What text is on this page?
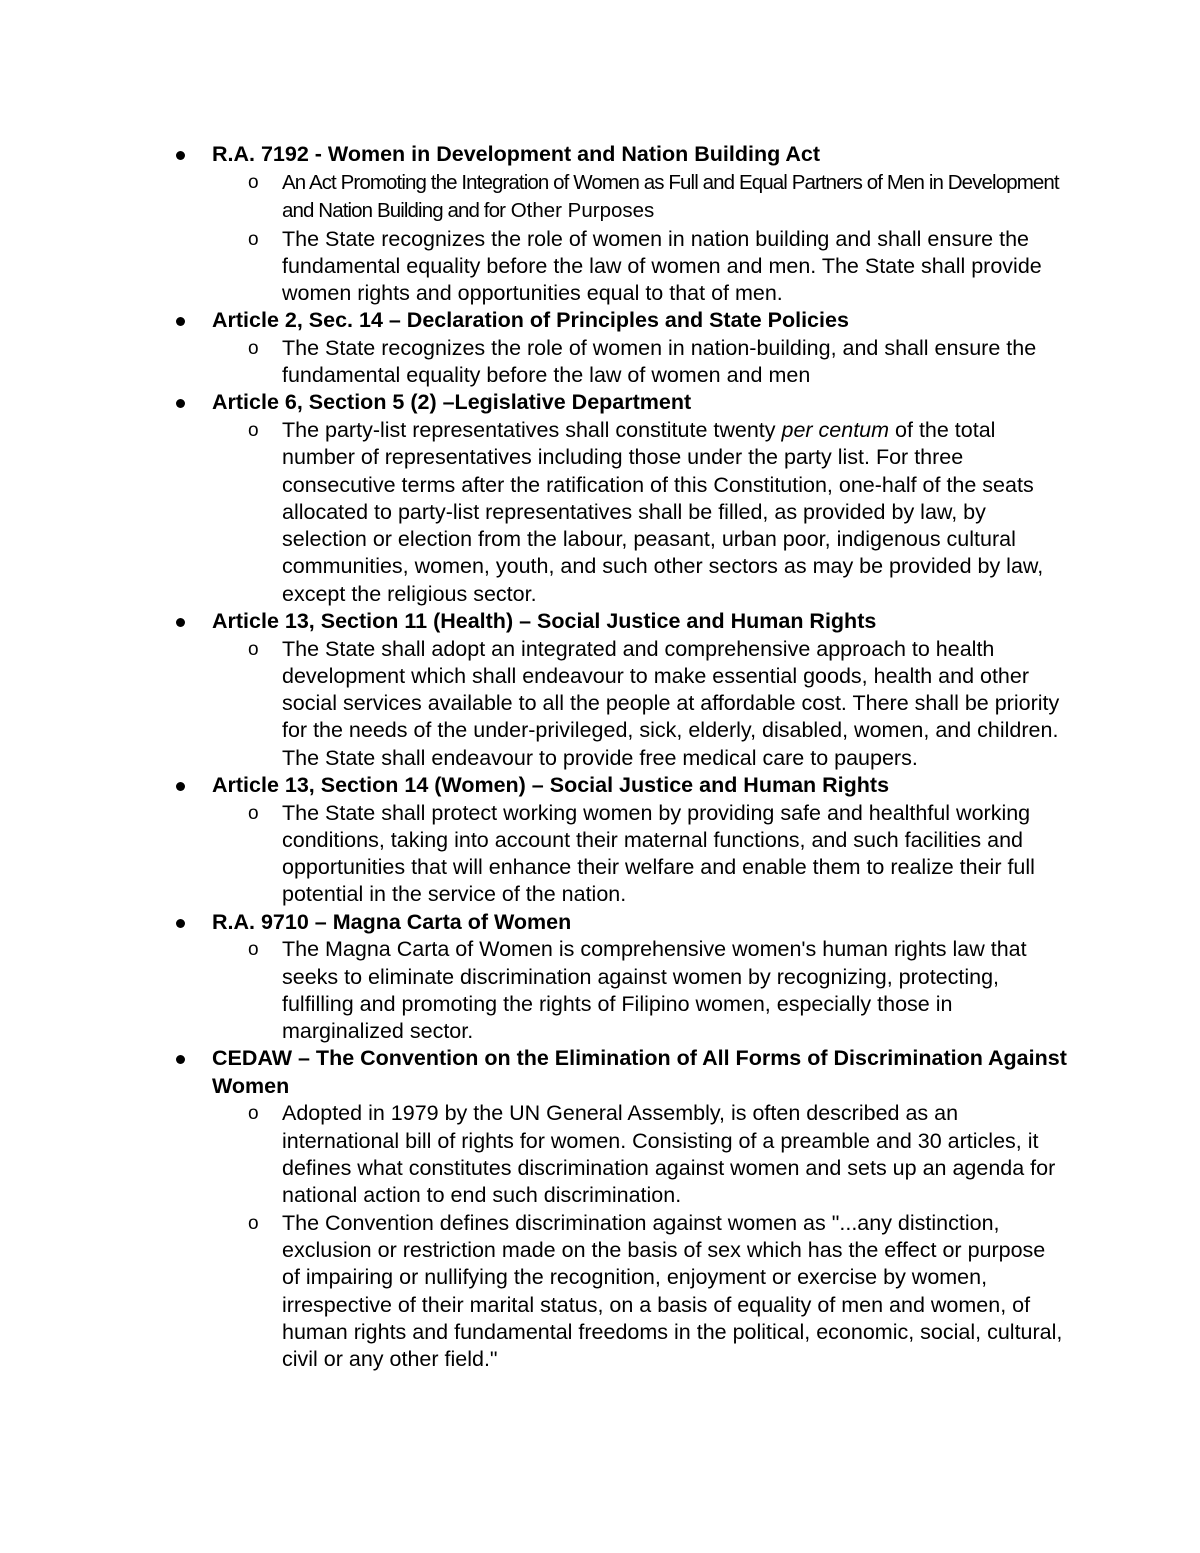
R.A. 7192 - Women in Development and Nation Building Act
o An Act Promoting the Integration of Women as Full and Equal Partners of Men in Development and Nation Building and for Other Purposes
o The State recognizes the role of women in nation building and shall ensure the fundamental equality before the law of women and men. The State shall provide women rights and opportunities equal to that of men.
Article 2, Sec. 14 – Declaration of Principles and State Policies
o The State recognizes the role of women in nation-building, and shall ensure the fundamental equality before the law of women and men
Article 6, Section 5 (2) –Legislative Department
o The party-list representatives shall constitute twenty per centum of the total number of representatives including those under the party list. For three consecutive terms after the ratification of this Constitution, one-half of the seats allocated to party-list representatives shall be filled, as provided by law, by selection or election from the labour, peasant, urban poor, indigenous cultural communities, women, youth, and such other sectors as may be provided by law, except the religious sector.
Article 13, Section 11 (Health) – Social Justice and Human Rights
o The State shall adopt an integrated and comprehensive approach to health development which shall endeavour to make essential goods, health and other social services available to all the people at affordable cost. There shall be priority for the needs of the under-privileged, sick, elderly, disabled, women, and children. The State shall endeavour to provide free medical care to paupers.
Article 13, Section 14 (Women) – Social Justice and Human Rights
o The State shall protect working women by providing safe and healthful working conditions, taking into account their maternal functions, and such facilities and opportunities that will enhance their welfare and enable them to realize their full potential in the service of the nation.
R.A. 9710 – Magna Carta of Women
o The Magna Carta of Women is comprehensive women's human rights law that seeks to eliminate discrimination against women by recognizing, protecting, fulfilling and promoting the rights of Filipino women, especially those in marginalized sector.
CEDAW – The Convention on the Elimination of All Forms of Discrimination Against Women
o Adopted in 1979 by the UN General Assembly, is often described as an international bill of rights for women. Consisting of a preamble and 30 articles, it defines what constitutes discrimination against women and sets up an agenda for national action to end such discrimination.
o The Convention defines discrimination against women as "...any distinction, exclusion or restriction made on the basis of sex which has the effect or purpose of impairing or nullifying the recognition, enjoyment or exercise by women, irrespective of their marital status, on a basis of equality of men and women, of human rights and fundamental freedoms in the political, economic, social, cultural, civil or any other field."
